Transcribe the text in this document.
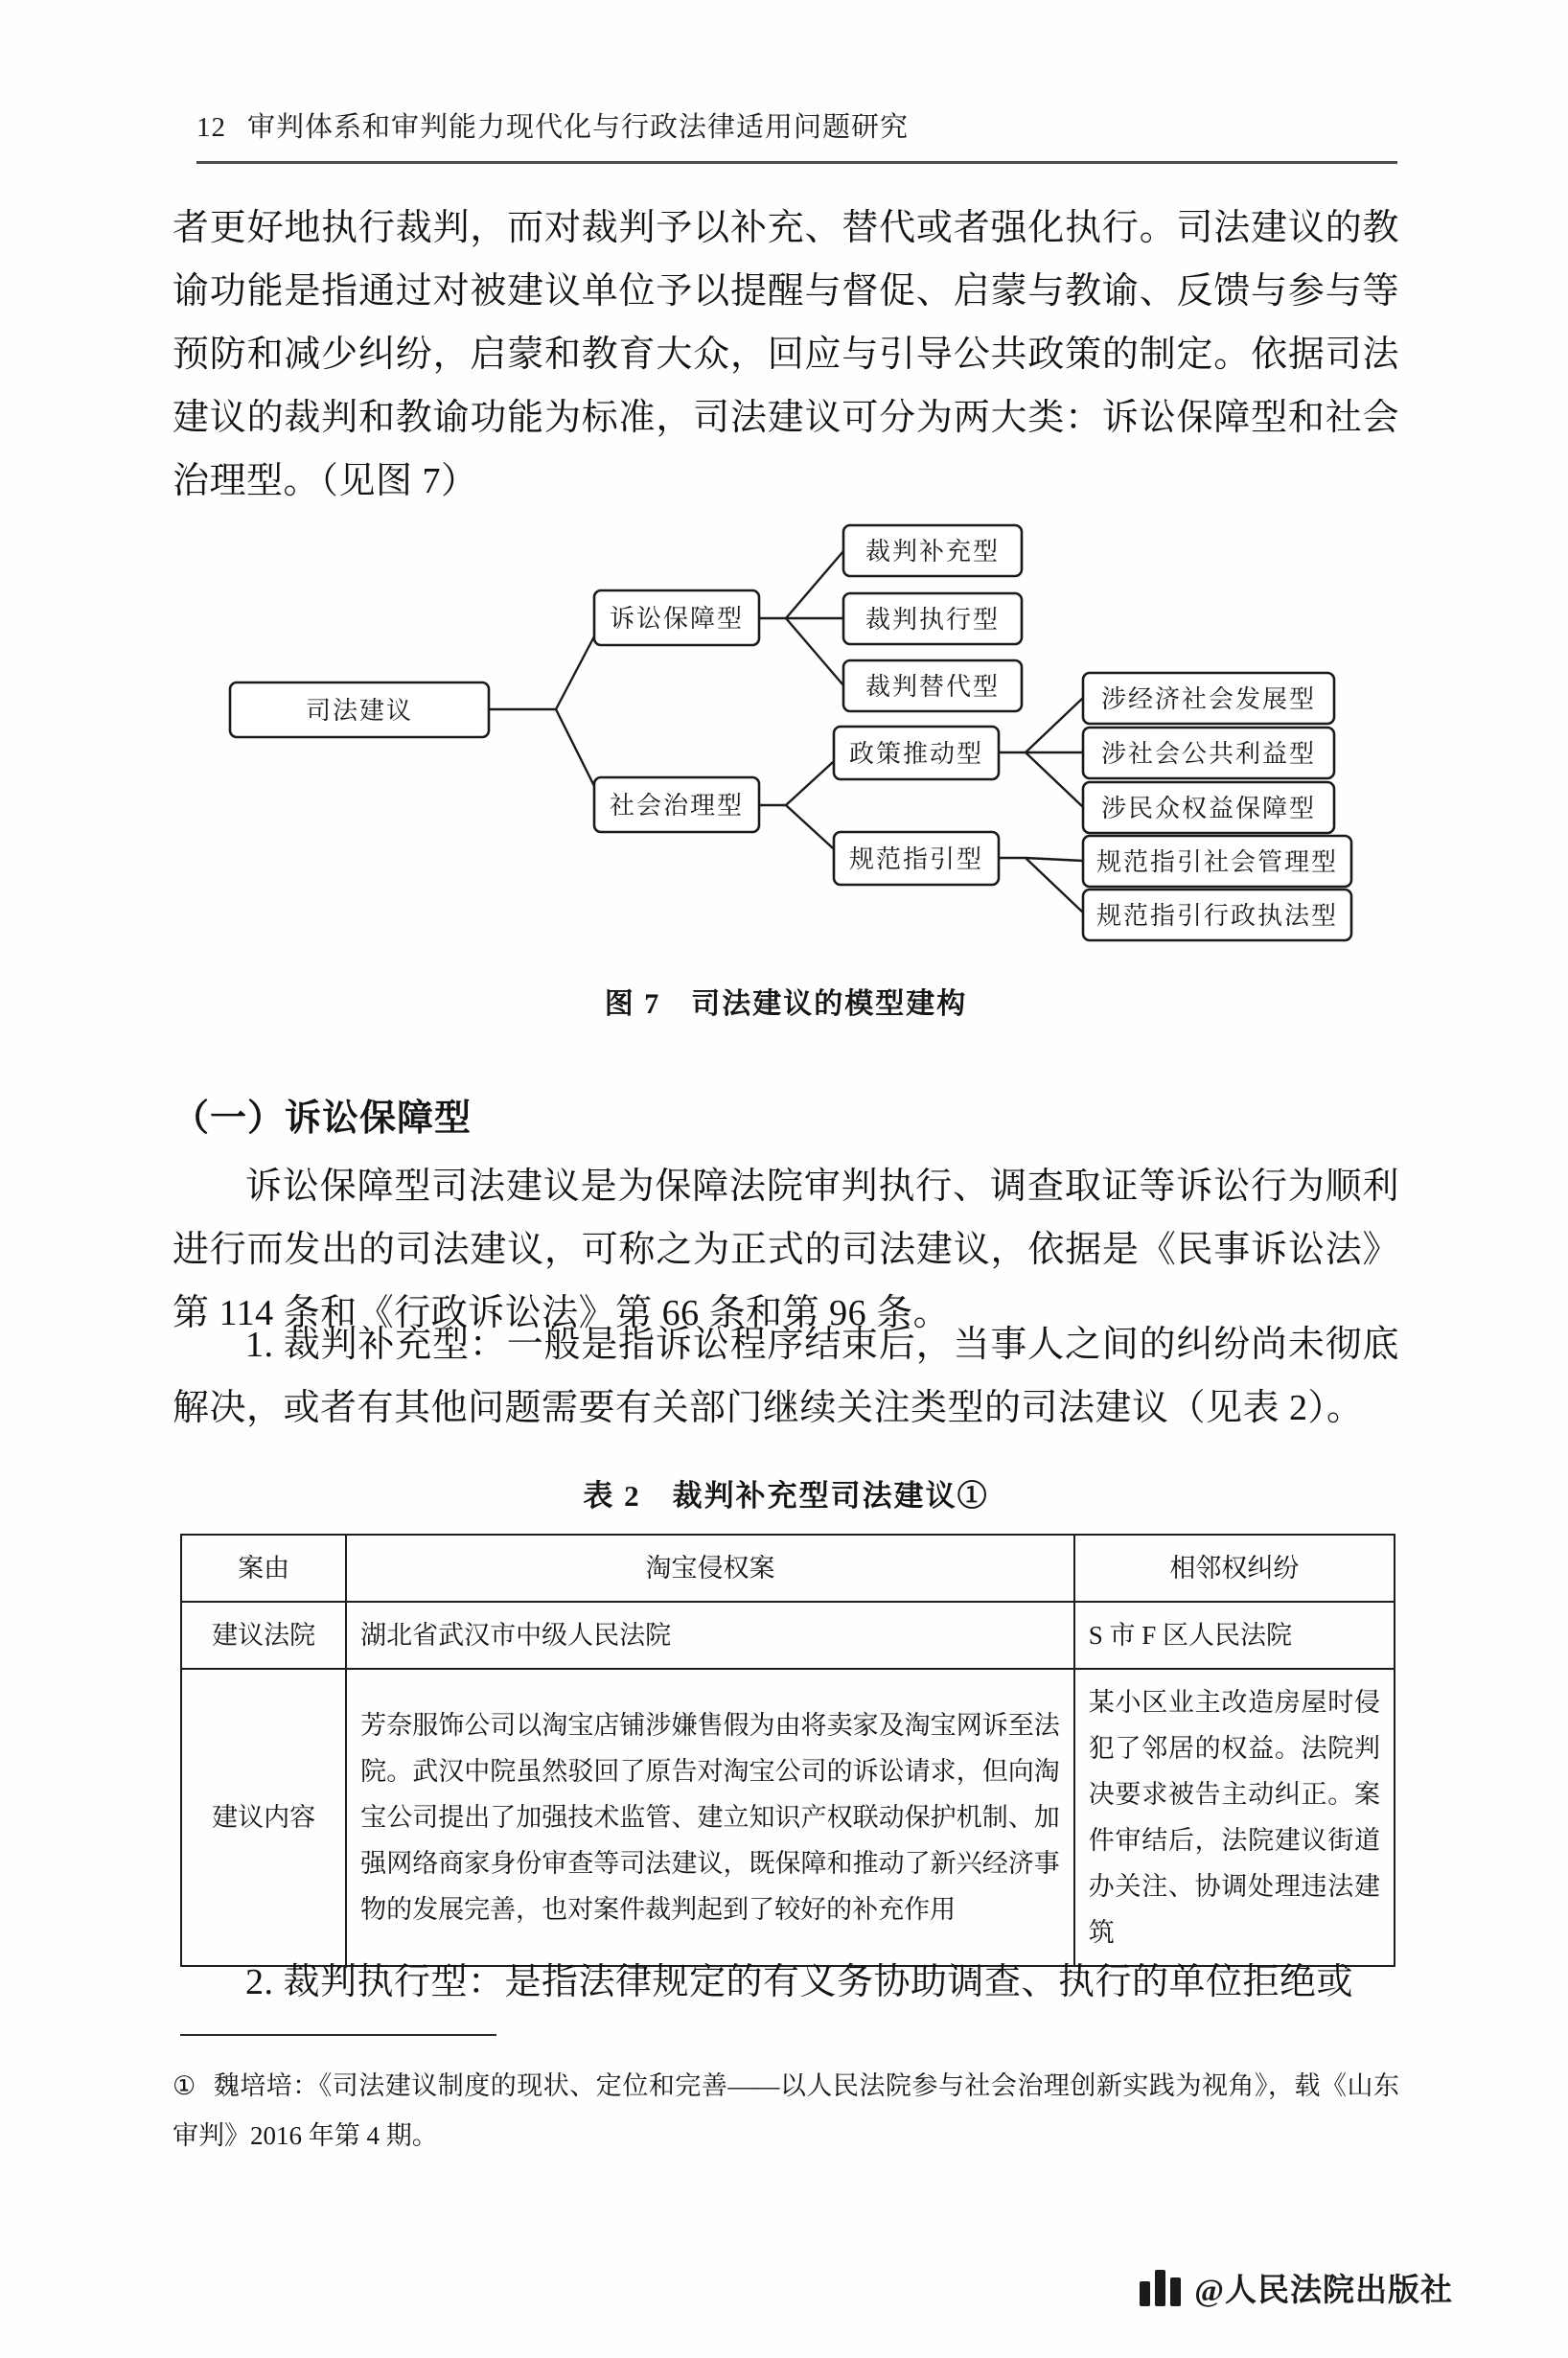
12 审判体系和审判能力现代化与行政法律适用问题研究
者更好地执行裁判，而对裁判予以补充、替代或者强化执行。司法建议的教谕功能是指通过对被建议单位予以提醒与督促、启蒙与教谕、反馈与参与等预防和减少纠纷，启蒙和教育大众，回应与引导公共政策的制定。依据司法建议的裁判和教谕功能为标准，司法建议可分为两大类：诉讼保障型和社会治理型。（见图 7）
司法建议
诉讼保障型
社会治理型
裁判补充型
裁判执行型
裁判替代型
政策推动型
规范指引型
涉经济社会发展型
涉社会公共利益型
涉民众权益保障型
规范指引社会管理型
规范指引行政执法型
图 7　司法建议的模型建构
（一）诉讼保障型
诉讼保障型司法建议是为保障法院审判执行、调查取证等诉讼行为顺利进行而发出的司法建议，可称之为正式的司法建议，依据是《民事诉讼法》第 114 条和《行政诉讼法》第 66 条和第 96 条。
1. 裁判补充型：一般是指诉讼程序结束后，当事人之间的纠纷尚未彻底解决，或者有其他问题需要有关部门继续关注类型的司法建议（见表 2）。
表 2　裁判补充型司法建议①
案由	淘宝侵权案	相邻权纠纷
建议法院	湖北省武汉市中级人民法院	S 市 F 区人民法院
建议内容	芳奈服饰公司以淘宝店铺涉嫌售假为由将卖家及淘宝网诉至法院。武汉中院虽然驳回了原告对淘宝公司的诉讼请求，但向淘宝公司提出了加强技术监管、建立知识产权联动保护机制、加强网络商家身份审查等司法建议，既保障和推动了新兴经济事物的发展完善，也对案件裁判起到了较好的补充作用	某小区业主改造房屋时侵犯了邻居的权益。法院判决要求被告主动纠正。案件审结后，法院建议街道办关注、协调处理违法建筑
2. 裁判执行型：是指法律规定的有义务协助调查、执行的单位拒绝或
① 魏培培：《司法建议制度的现状、定位和完善——以人民法院参与社会治理创新实践为视角》，载《山东审判》2016 年第 4 期。
@人民法院出版社
